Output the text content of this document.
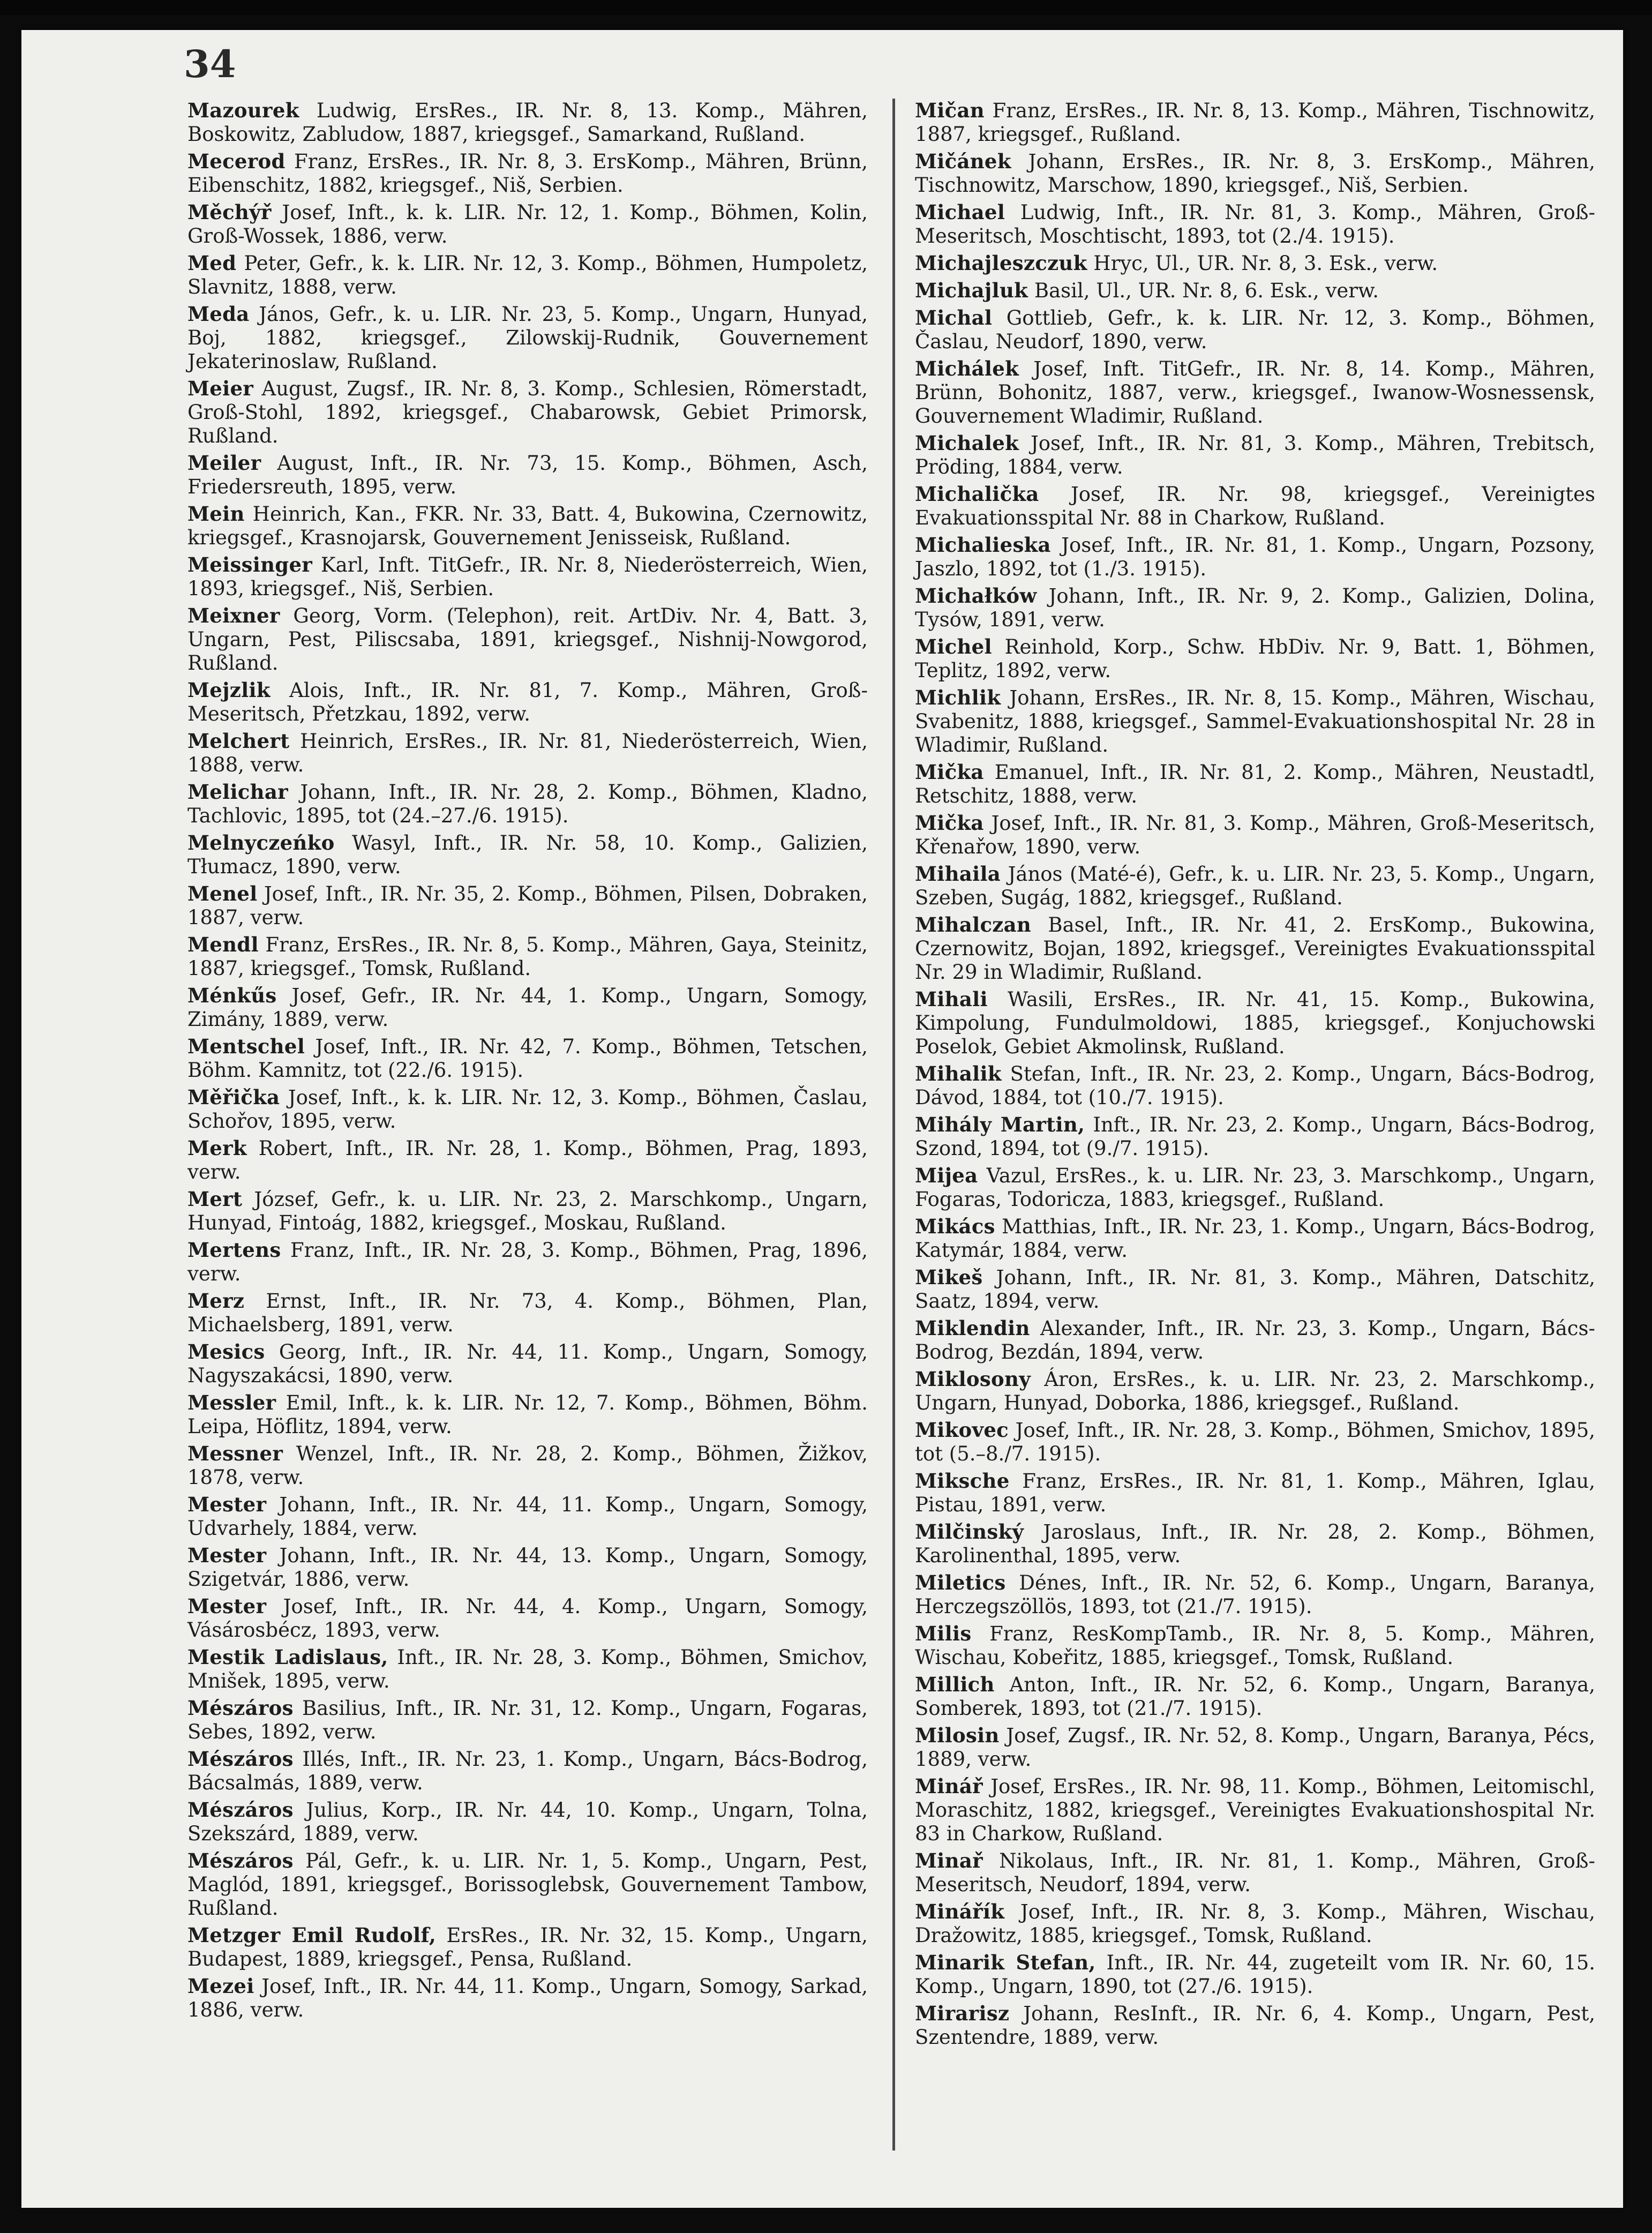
34

Mazourek Ludwig, ErsRes., IR. Nr. 8, 13. Komp., Mähren, Boskowitz, Zabludow, 1887, kriegsgef., Samarkand, Rußland.

Mecerod Franz, ErsRes., IR. Nr. 8, 3. ErsKomp., Mähren, Brünn, Eibenschitz, 1882, kriegsgef., Niš, Serbien.

Měchýř Josef, Inft., k. k. LIR. Nr. 12, 1. Komp., Böhmen, Kolin, Groß-Wossek, 1886, verw.

Med Peter, Gefr., k. k. LIR. Nr. 12, 3. Komp., Böhmen, Humpoletz, Slavnitz, 1888, verw.

Meda János, Gefr., k. u. LIR. Nr. 23, 5. Komp., Ungarn, Hunyad, Boj, 1882, kriegsgef., Zilowskij-Rudnik, Gouvernement Jekaterinoslaw, Rußland.

Meier August, Zugsf., IR. Nr. 8, 3. Komp., Schlesien, Römerstadt, Groß-Stohl, 1892, kriegsgef., Chabarowsk, Gebiet Primorsk, Rußland.

Meiler August, Inft., IR. Nr. 73, 15. Komp., Böhmen, Asch, Friedersreuth, 1895, verw.

Mein Heinrich, Kan., FKR. Nr. 33, Batt. 4, Bukowina, Czernowitz, kriegsgef., Krasnojarsk, Gouvernement Jenisseisk, Rußland.

Meissinger Karl, Inft. TitGefr., IR. Nr. 8, Niederösterreich, Wien, 1893, kriegsgef., Niš, Serbien.

Meixner Georg, Vorm. (Telephon), reit. ArtDiv. Nr. 4, Batt. 3, Ungarn, Pest, Piliscsaba, 1891, kriegsgef., Nishnij-Nowgorod, Rußland.

Mejzlik Alois, Inft., IR. Nr. 81, 7. Komp., Mähren, Groß-Meseritsch, Přetzkau, 1892, verw.

Melchert Heinrich, ErsRes., IR. Nr. 81, Niederösterreich, Wien, 1888, verw.

Melichar Johann, Inft., IR. Nr. 28, 2. Komp., Böhmen, Kladno, Tachlovic, 1895, tot (24.–27./6. 1915).

Melnyczeńko Wasyl, Inft., IR. Nr. 58, 10. Komp., Galizien, Tłumacz, 1890, verw.

Menel Josef, Inft., IR. Nr. 35, 2. Komp., Böhmen, Pilsen, Dobraken, 1887, verw.

Mendl Franz, ErsRes., IR. Nr. 8, 5. Komp., Mähren, Gaya, Steinitz, 1887, kriegsgef., Tomsk, Rußland.

Ménkűs Josef, Gefr., IR. Nr. 44, 1. Komp., Ungarn, Somogy, Zimány, 1889, verw.

Mentschel Josef, Inft., IR. Nr. 42, 7. Komp., Böhmen, Tetschen, Böhm. Kamnitz, tot (22./6. 1915).

Měřička Josef, Inft., k. k. LIR. Nr. 12, 3. Komp., Böhmen, Časlau, Schořov, 1895, verw.

Merk Robert, Inft., IR. Nr. 28, 1. Komp., Böhmen, Prag, 1893, verw.

Mert József, Gefr., k. u. LIR. Nr. 23, 2. Marschkomp., Ungarn, Hunyad, Fintoág, 1882, kriegsgef., Moskau, Rußland.

Mertens Franz, Inft., IR. Nr. 28, 3. Komp., Böhmen, Prag, 1896, verw.

Merz Ernst, Inft., IR. Nr. 73, 4. Komp., Böhmen, Plan, Michaelsberg, 1891, verw.

Mesics Georg, Inft., IR. Nr. 44, 11. Komp., Ungarn, Somogy, Nagyszakácsi, 1890, verw.

Messler Emil, Inft., k. k. LIR. Nr. 12, 7. Komp., Böhmen, Böhm. Leipa, Höflitz, 1894, verw.

Messner Wenzel, Inft., IR. Nr. 28, 2. Komp., Böhmen, Žižkov, 1878, verw.

Mester Johann, Inft., IR. Nr. 44, 11. Komp., Ungarn, Somogy, Udvarhely, 1884, verw.

Mester Johann, Inft., IR. Nr. 44, 13. Komp., Ungarn, Somogy, Szigetvár, 1886, verw.

Mester Josef, Inft., IR. Nr. 44, 4. Komp., Ungarn, Somogy, Vásárosbécz, 1893, verw.

Mestik Ladislaus, Inft., IR. Nr. 28, 3. Komp., Böhmen, Smichov, Mnišek, 1895, verw.

Mészáros Basilius, Inft., IR. Nr. 31, 12. Komp., Ungarn, Fogaras, Sebes, 1892, verw.

Mészáros Illés, Inft., IR. Nr. 23, 1. Komp., Ungarn, Bács-Bodrog, Bácsalmás, 1889, verw.

Mészáros Julius, Korp., IR. Nr. 44, 10. Komp., Ungarn, Tolna, Szekszárd, 1889, verw.

Mészáros Pál, Gefr., k. u. LIR. Nr. 1, 5. Komp., Ungarn, Pest, Maglód, 1891, kriegsgef., Borissoglebsk, Gouvernement Tambow, Rußland.

Metzger Emil Rudolf, ErsRes., IR. Nr. 32, 15. Komp., Ungarn, Budapest, 1889, kriegsgef., Pensa, Rußland.

Mezei Josef, Inft., IR. Nr. 44, 11. Komp., Ungarn, Somogy, Sarkad, 1886, verw.

Mičan Franz, ErsRes., IR. Nr. 8, 13. Komp., Mähren, Tischnowitz, 1887, kriegsgef., Rußland.

Mičánek Johann, ErsRes., IR. Nr. 8, 3. ErsKomp., Mähren, Tischnowitz, Marschow, 1890, kriegsgef., Niš, Serbien.

Michael Ludwig, Inft., IR. Nr. 81, 3. Komp., Mähren, Groß-Meseritsch, Moschtischt, 1893, tot (2./4. 1915).

Michajleszczuk Hryc, Ul., UR. Nr. 8, 3. Esk., verw.

Michajluk Basil, Ul., UR. Nr. 8, 6. Esk., verw.

Michal Gottlieb, Gefr., k. k. LIR. Nr. 12, 3. Komp., Böhmen, Časlau, Neudorf, 1890, verw.

Michálek Josef, Inft. TitGefr., IR. Nr. 8, 14. Komp., Mähren, Brünn, Bohonitz, 1887, verw., kriegsgef., Iwanow-Wosnessensk, Gouvernement Wladimir, Rußland.

Michalek Josef, Inft., IR. Nr. 81, 3. Komp., Mähren, Trebitsch, Pröding, 1884, verw.

Michalička Josef, IR. Nr. 98, kriegsgef., Vereinigtes Evakuationsspital Nr. 88 in Charkow, Rußland.

Michalieska Josef, Inft., IR. Nr. 81, 1. Komp., Ungarn, Pozsony, Jaszlo, 1892, tot (1./3. 1915).

Michałków Johann, Inft., IR. Nr. 9, 2. Komp., Galizien, Dolina, Tysów, 1891, verw.

Michel Reinhold, Korp., Schw. HbDiv. Nr. 9, Batt. 1, Böhmen, Teplitz, 1892, verw.

Michlik Johann, ErsRes., IR. Nr. 8, 15. Komp., Mähren, Wischau, Svabenitz, 1888, kriegsgef., Sammel-Evakuationshospital Nr. 28 in Wladimir, Rußland.

Mička Emanuel, Inft., IR. Nr. 81, 2. Komp., Mähren, Neustadtl, Retschitz, 1888, verw.

Mička Josef, Inft., IR. Nr. 81, 3. Komp., Mähren, Groß-Meseritsch, Křenařow, 1890, verw.

Mihaila János (Maté-é), Gefr., k. u. LIR. Nr. 23, 5. Komp., Ungarn, Szeben, Sugág, 1882, kriegsgef., Rußland.

Mihalczan Basel, Inft., IR. Nr. 41, 2. ErsKomp., Bukowina, Czernowitz, Bojan, 1892, kriegsgef., Vereinigtes Evakuationsspital Nr. 29 in Wladimir, Rußland.

Mihali Wasili, ErsRes., IR. Nr. 41, 15. Komp., Bukowina, Kimpolung, Fundulmoldowi, 1885, kriegsgef., Konjuchowski Poselok, Gebiet Akmolinsk, Rußland.

Mihalik Stefan, Inft., IR. Nr. 23, 2. Komp., Ungarn, Bács-Bodrog, Dávod, 1884, tot (10./7. 1915).

Mihály Martin, Inft., IR. Nr. 23, 2. Komp., Ungarn, Bács-Bodrog, Szond, 1894, tot (9./7. 1915).

Mijea Vazul, ErsRes., k. u. LIR. Nr. 23, 3. Marschkomp., Ungarn, Fogaras, Todoricza, 1883, kriegsgef., Rußland.

Mikács Matthias, Inft., IR. Nr. 23, 1. Komp., Ungarn, Bács-Bodrog, Katymár, 1884, verw.

Mikeš Johann, Inft., IR. Nr. 81, 3. Komp., Mähren, Datschitz, Saatz, 1894, verw.

Miklendin Alexander, Inft., IR. Nr. 23, 3. Komp., Ungarn, Bács-Bodrog, Bezdán, 1894, verw.

Miklosony Áron, ErsRes., k. u. LIR. Nr. 23, 2. Marschkomp., Ungarn, Hunyad, Doborka, 1886, kriegsgef., Rußland.

Mikovec Josef, Inft., IR. Nr. 28, 3. Komp., Böhmen, Smichov, 1895, tot (5.–8./7. 1915).

Miksche Franz, ErsRes., IR. Nr. 81, 1. Komp., Mähren, Iglau, Pistau, 1891, verw.

Milčinský Jaroslaus, Inft., IR. Nr. 28, 2. Komp., Böhmen, Karolinenthal, 1895, verw.

Miletics Dénes, Inft., IR. Nr. 52, 6. Komp., Ungarn, Baranya, Herczegszöllös, 1893, tot (21./7. 1915).

Milis Franz, ResKompTamb., IR. Nr. 8, 5. Komp., Mähren, Wischau, Kobeřitz, 1885, kriegsgef., Tomsk, Rußland.

Millich Anton, Inft., IR. Nr. 52, 6. Komp., Ungarn, Baranya, Somberek, 1893, tot (21./7. 1915).

Milosin Josef, Zugsf., IR. Nr. 52, 8. Komp., Ungarn, Baranya, Pécs, 1889, verw.

Minář Josef, ErsRes., IR. Nr. 98, 11. Komp., Böhmen, Leitomischl, Moraschitz, 1882, kriegsgef., Vereinigtes Evakuationshospital Nr. 83 in Charkow, Rußland.

Minař Nikolaus, Inft., IR. Nr. 81, 1. Komp., Mähren, Groß-Meseritsch, Neudorf, 1894, verw.

Minářík Josef, Inft., IR. Nr. 8, 3. Komp., Mähren, Wischau, Dražowitz, 1885, kriegsgef., Tomsk, Rußland.

Minarik Stefan, Inft., IR. Nr. 44, zugeteilt vom IR. Nr. 60, 15. Komp., Ungarn, 1890, tot (27./6. 1915).

Mirarisz Johann, ResInft., IR. Nr. 6, 4. Komp., Ungarn, Pest, Szentendre, 1889, verw.
